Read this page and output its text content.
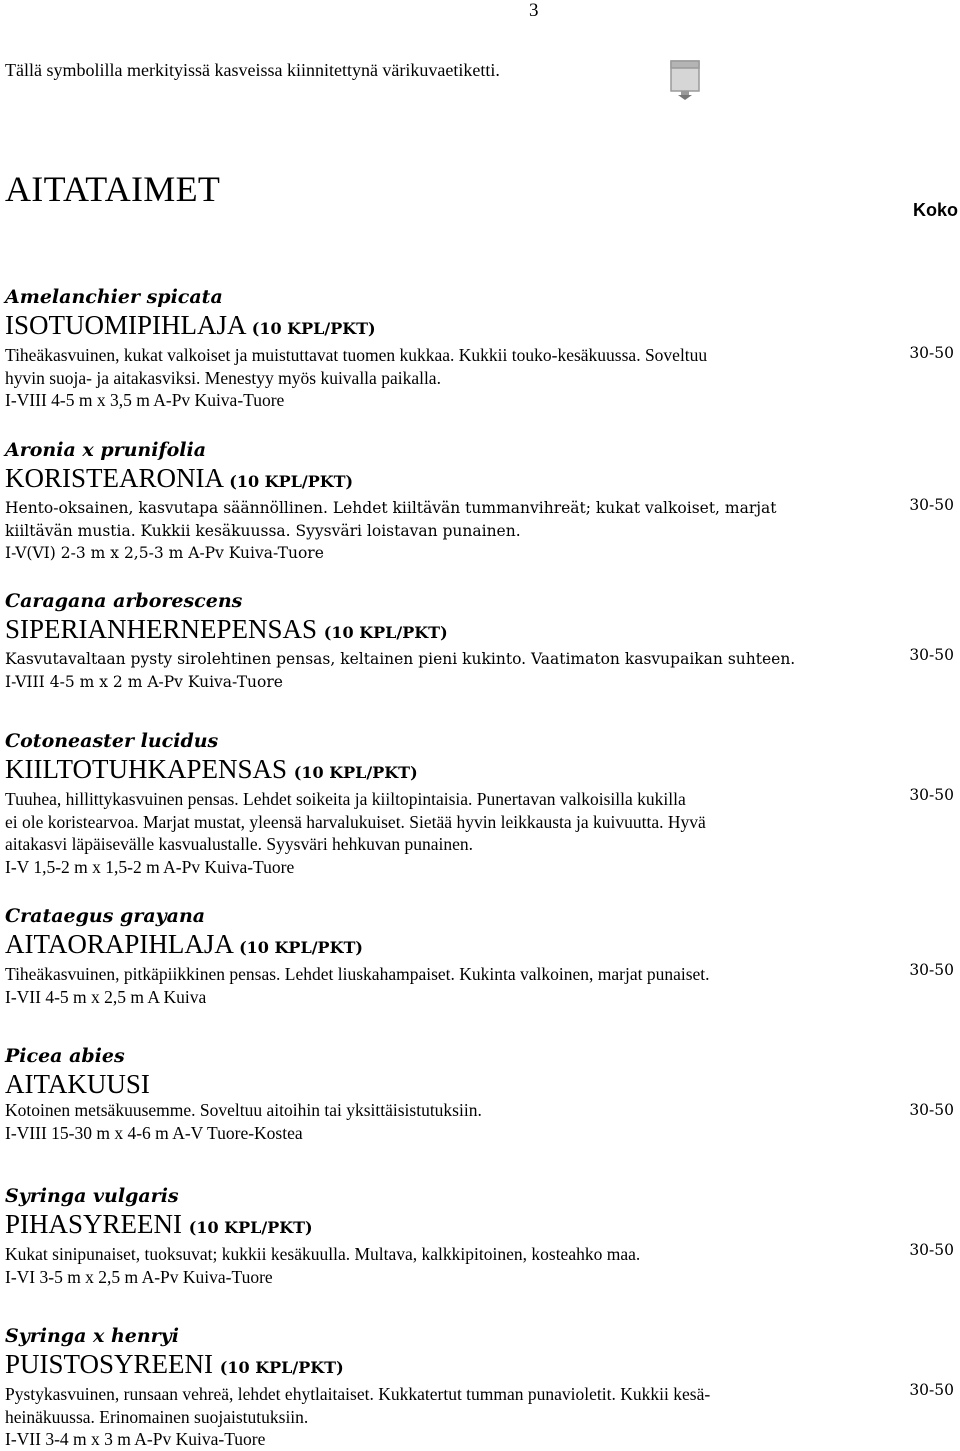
3
Tällä symbolilla merkityissä kasveissa kiinnitettynä värikuvaetiketti.
AITATAIMET
Koko
Amelanchier spicata
ISOTUOMIPIHLAJA (10 KPL/PKT)
Tiheäkasvuinen, kukat valkoiset ja muistuttavat tuomen kukkaa. Kukkii touko-kesäkuussa. Soveltuu
hyvin suoja- ja aitakasviksi. Menestyy myös kuivalla paikalla.
I-VIII 4-5 m x 3,5 m A-Pv Kuiva-Tuore
30-50
Aronia x prunifolia
KORISTEARONIA (10 KPL/PKT)
Hento-oksainen, kasvutapa säännöllinen. Lehdet kiiltävän tummanvihreät; kukat valkoiset, marjat
kiiltävän mustia. Kukkii kesäkuussa. Syysväri loistavan punainen.
I-V(VI) 2-3 m x 2,5-3 m A-Pv Kuiva-Tuore
30-50
Caragana arborescens
SIPERIANHERNEPENSAS (10 KPL/PKT)
Kasvutavaltaan pysty sirolehtinen pensas, keltainen pieni kukinto. Vaatimaton kasvupaikan suhteen.
I-VIII 4-5 m x 2 m A-Pv Kuiva-Tuore
30-50
Cotoneaster lucidus
KIILTOTUHKAPENSAS (10 KPL/PKT)
Tuuhea, hillittykasvuinen pensas. Lehdet soikeita ja kiiltopintaisia. Punertavan valkoisilla kukilla
ei ole koristearvoa. Marjat mustat, yleensä harvalukuiset. Sietää hyvin leikkausta ja kuivuutta. Hyvä
aitakasvi läpäisevälle kasvualustalle. Syysväri hehkuvan punainen.
I-V 1,5-2 m x 1,5-2 m A-Pv Kuiva-Tuore
30-50
Crataegus grayana
AITAORAPIHLAJA (10 KPL/PKT)
Tiheäkasvuinen, pitkäpiikkinen pensas. Lehdet liuskahampaiset. Kukinta valkoinen, marjat punaiset.
I-VII 4-5 m x 2,5 m A Kuiva
30-50
Picea abies
AITAKUUSI
Kotoinen metsäkuusemme. Soveltuu aitoihin tai yksittäisistutuksiin.
I-VIII 15-30 m x 4-6 m A-V Tuore-Kostea
30-50
Syringa vulgaris
PIHASYREENI (10 KPL/PKT)
Kukat sinipunaiset, tuoksuvat; kukkii kesäkuulla. Multava, kalkkipitoinen, kosteahko maa.
I-VI 3-5 m x 2,5 m A-Pv Kuiva-Tuore
30-50
Syringa x henryi
PUISTOSYREENI (10 KPL/PKT)
Pystykasvuinen, runsaan vehreä, lehdet ehytlaitaiset. Kukkatertut tumman punavioletit. Kukkii kesä-
heinäkuussa. Erinomainen suojaistutuksiin.
I-VII 3-4 m x 3 m A-Pv Kuiva-Tuore
30-50
